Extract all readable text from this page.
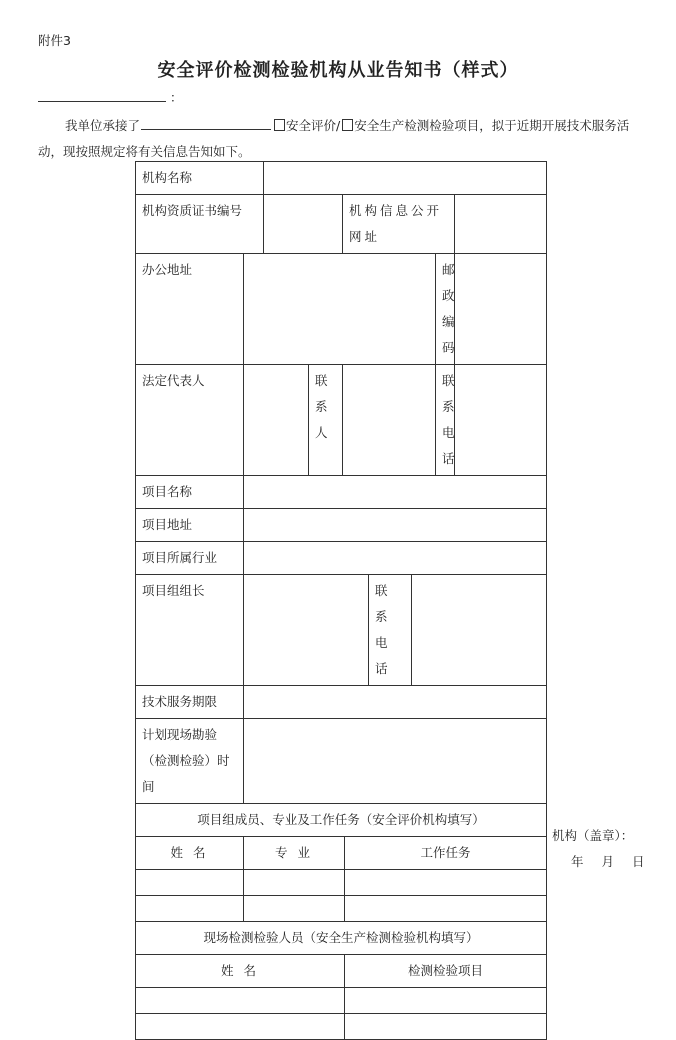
附件3
安全评价检测检验机构从业告知书（样式）
：
我单位承接了	安全评价/ 安全生产检测检验项目，拟于近期开展技术服务活
动，现按照规定将有关信息告知如下。
机构名称									
机构资质证书编号				机构信息公开网址					
办公地址								邮政编码	
法定代表人			联系人					联系电话	
项目名称									
项目地址									
项目所属行业									
项目组组长						联系电话			
技术服务期限									
计划现场勘验（检测检验）时间									
项目组成员、专业及工作任务（安全评价机构填写）									
姓 名	专 业				工作任务				

现场检测检验人员（安全生产检测检验机构填写）									
姓 名					检测检验项目				

机构（盖章）：
年 月 日
